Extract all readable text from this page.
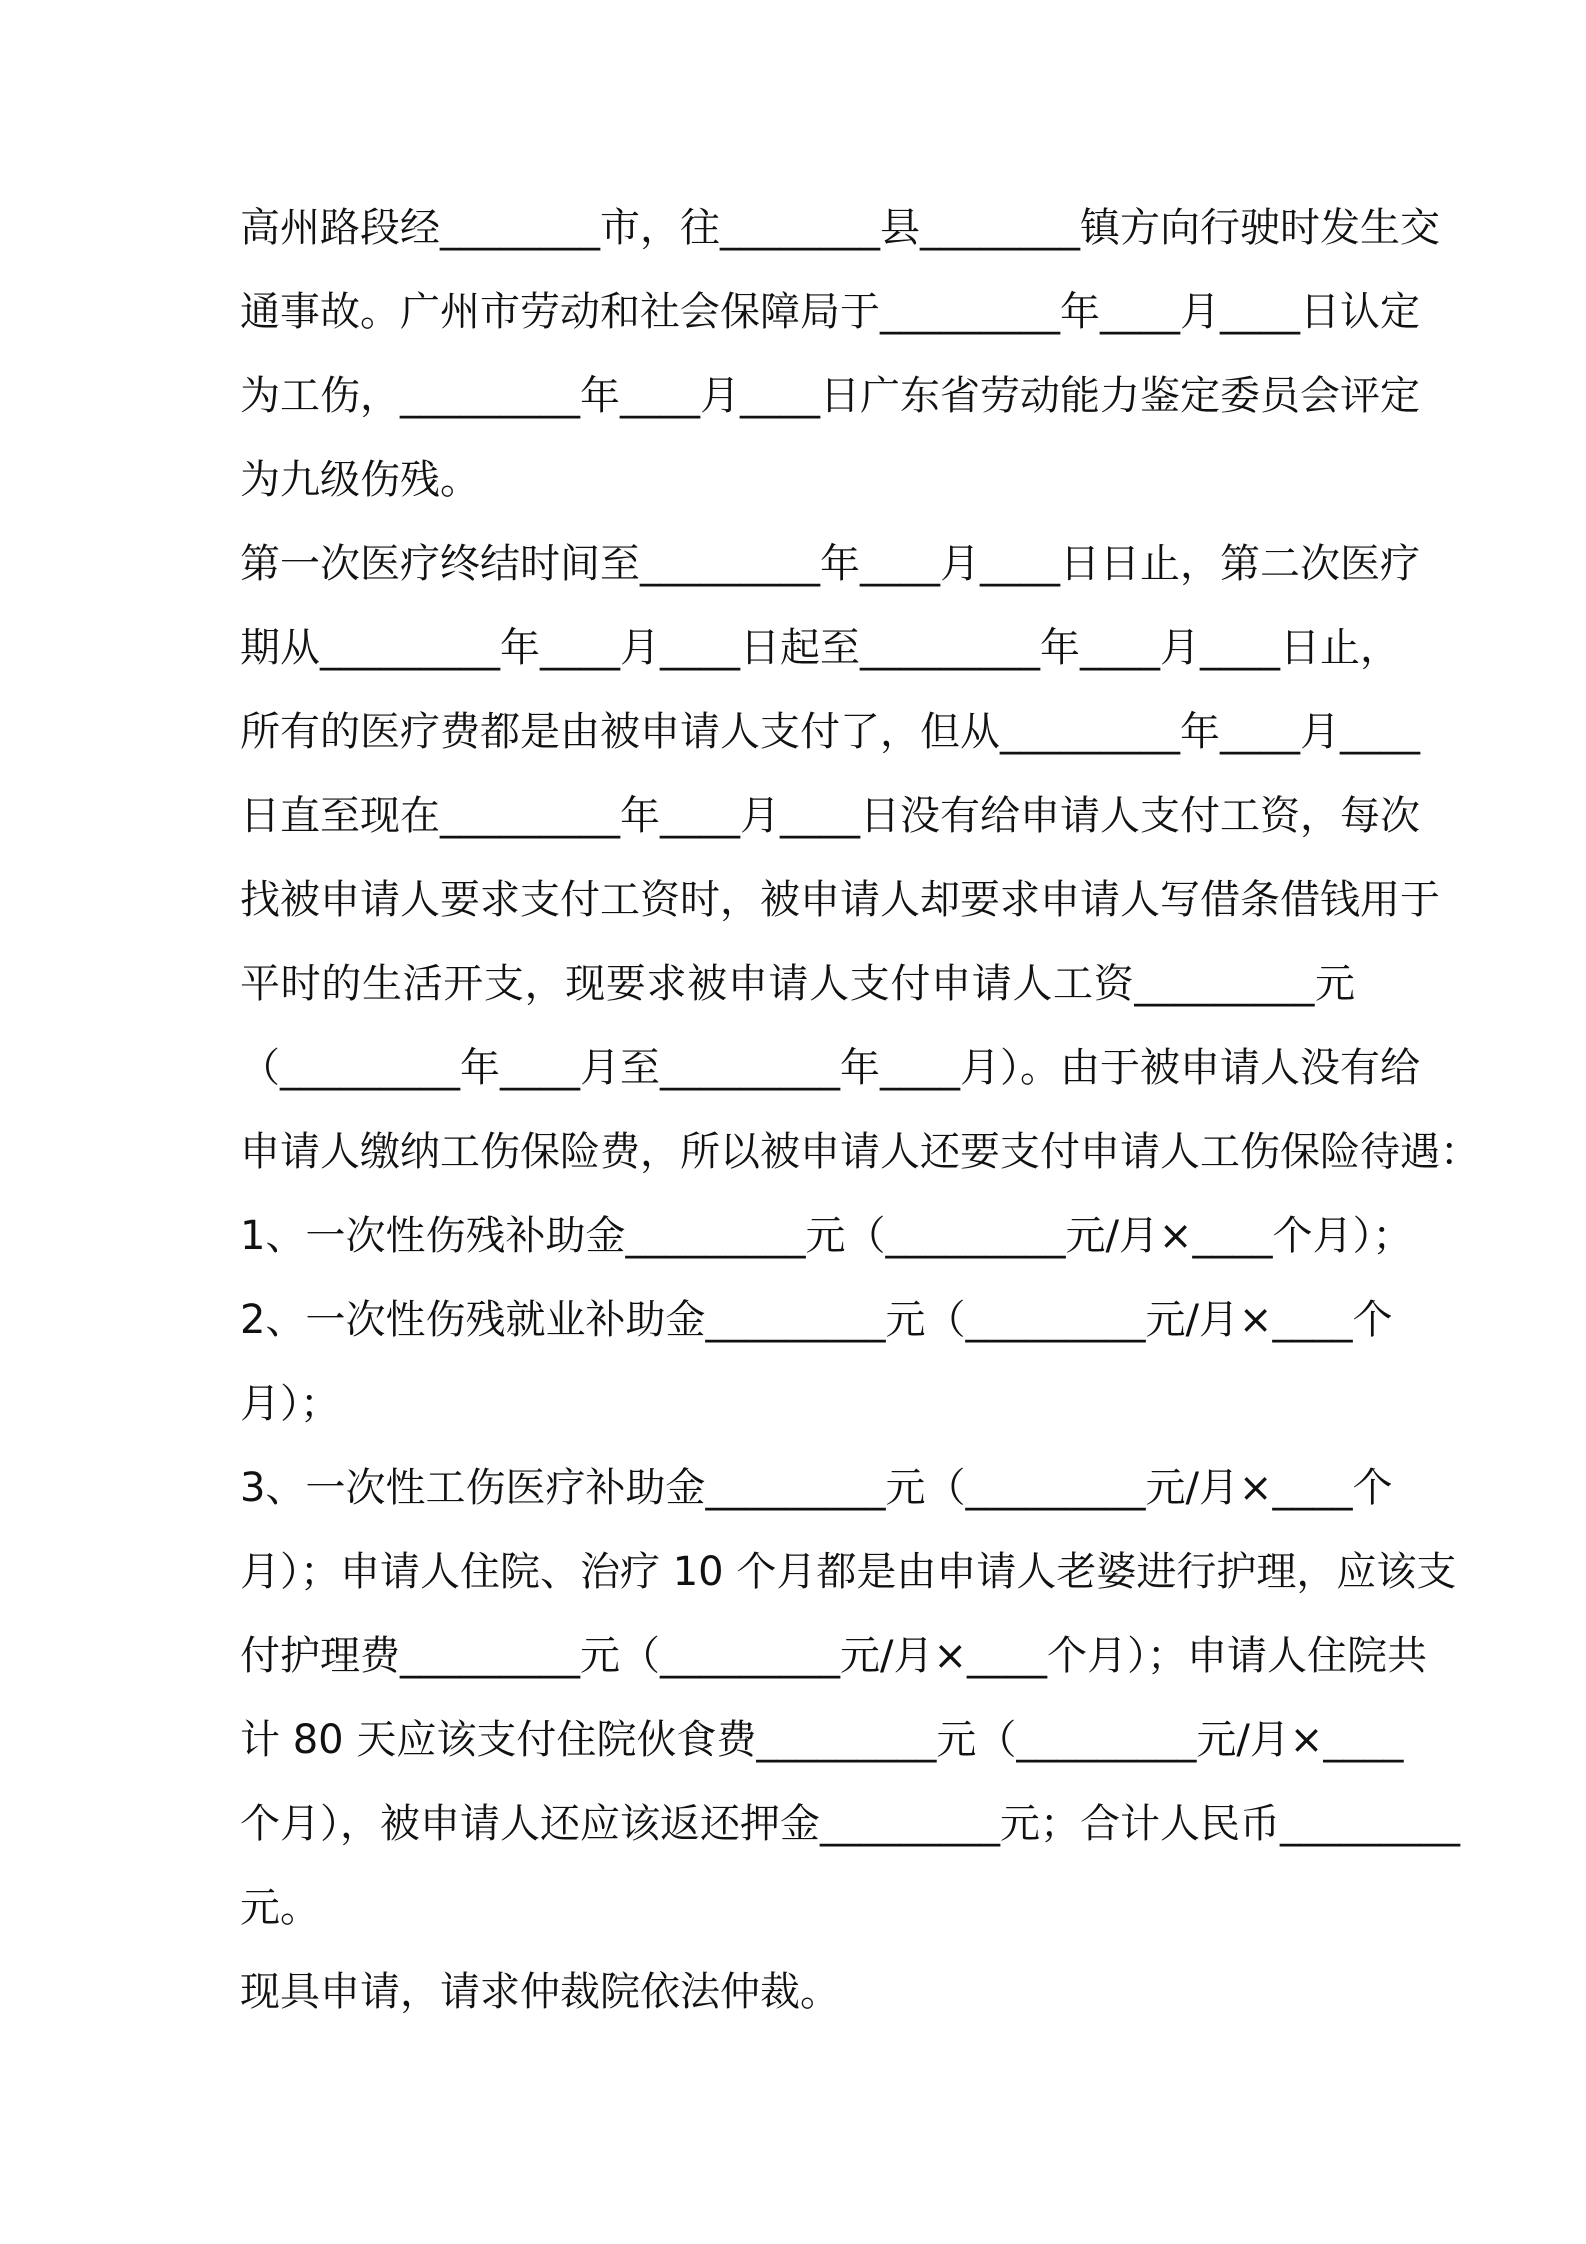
高州路段经________市，往________县________镇方向行驶时发生交

通事故。广州市劳动和社会保障局于_________年____月____日认定

为工伤，_________年____月____日广东省劳动能力鉴定委员会评定

为九级伤残。

第一次医疗终结时间至_________年____月____日日止，第二次医疗

期从_________年____月____日起至_________年____月____日止，

所有的医疗费都是由被申请人支付了，但从_________年____月____

日直至现在_________年____月____日没有给申请人支付工资，每次

找被申请人要求支付工资时，被申请人却要求申请人写借条借钱用于

平时的生活开支，现要求被申请人支付申请人工资_________元

（_________年____月至_________年____月）。由于被申请人没有给

申请人缴纳工伤保险费，所以被申请人还要支付申请人工伤保险待遇：

1、一次性伤残补助金_________元（_________元/月×____个月）；

2、一次性伤残就业补助金_________元（_________元/月×____个

月）；

3、一次性工伤医疗补助金_________元（_________元/月×____个

月）；申请人住院、治疗 10 个月都是由申请人老婆进行护理，应该支

付护理费_________元（_________元/月×____个月）；申请人住院共

计 80 天应该支付住院伙食费_________元（_________元/月×____

个月），被申请人还应该返还押金_________元；合计人民币_________

元。

现具申请，请求仲裁院依法仲裁。
